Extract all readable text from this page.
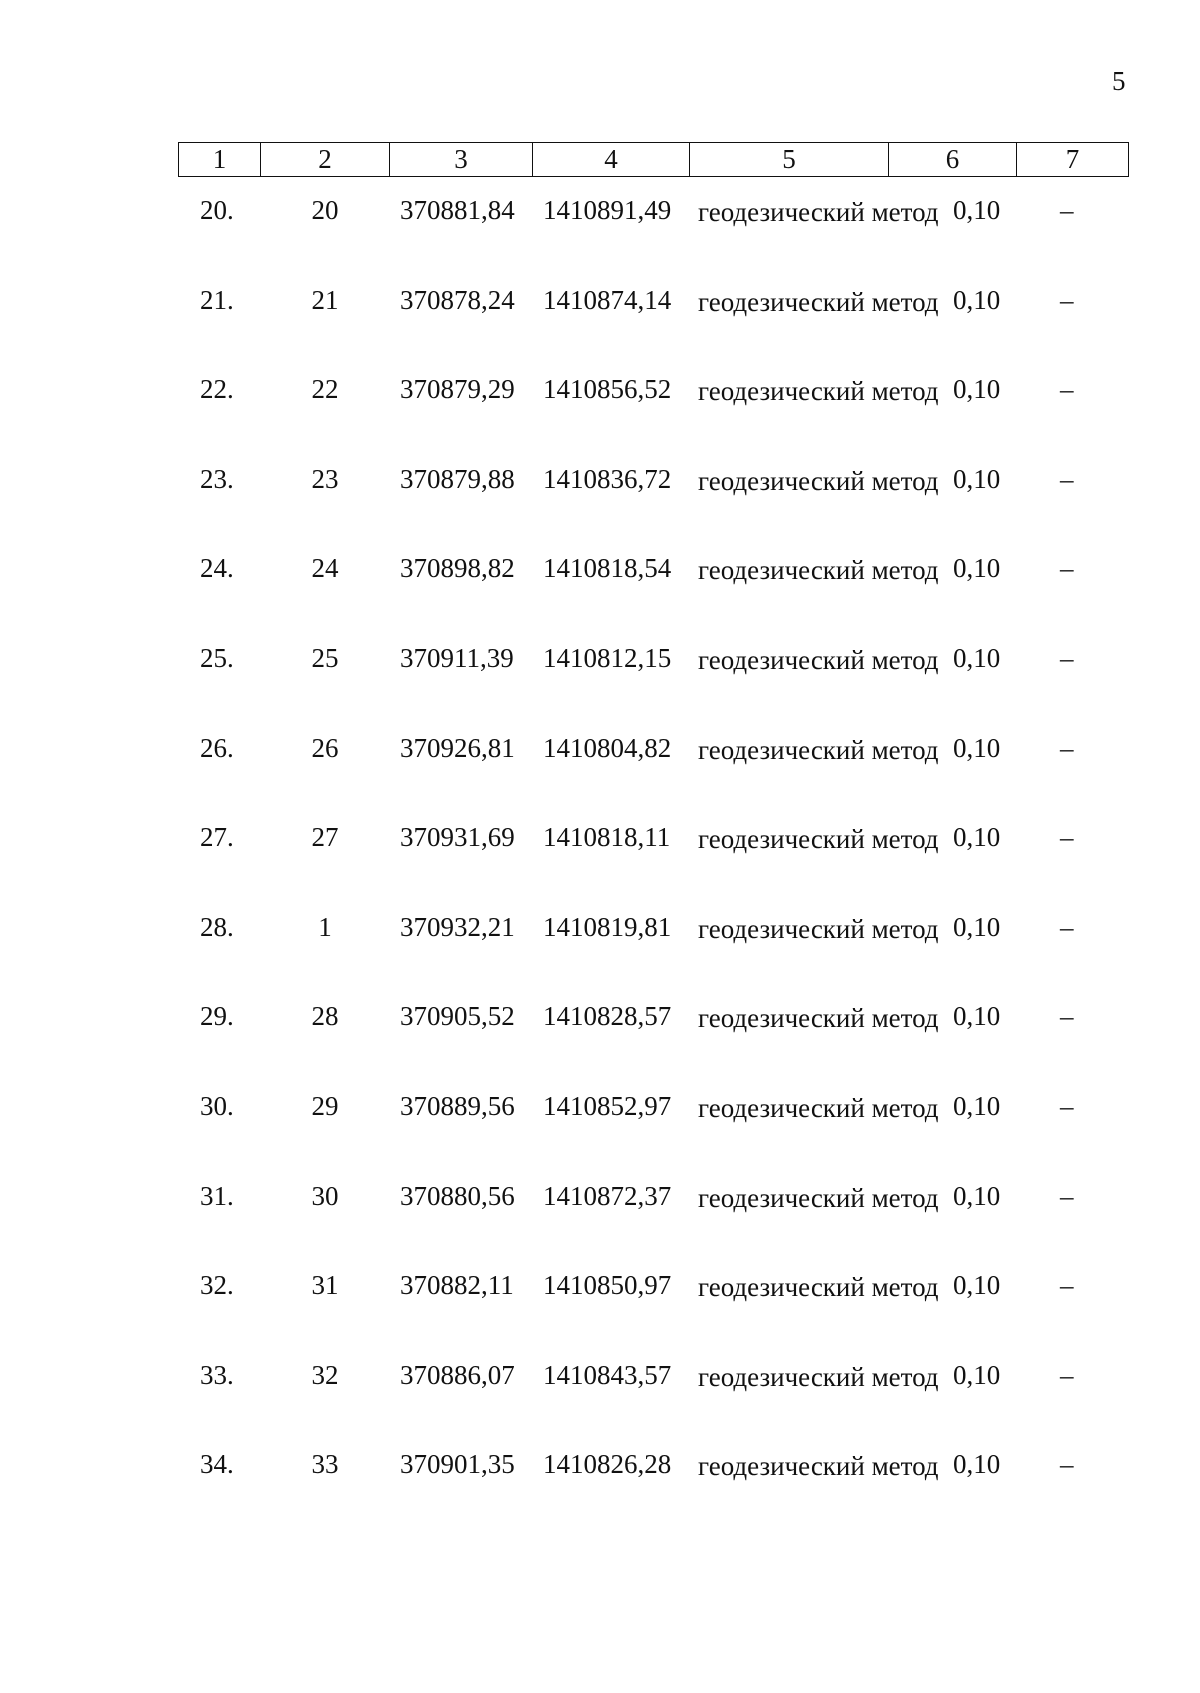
5
1	2	3	4	5	6	7
20.	20	370881,84 1410891,49 геодезический метод 0,10 –
21.	21	370878,24 1410874,14 геодезический метод 0,10 –
22.	22	370879,29 1410856,52 геодезический метод 0,10 –
23.	23	370879,88 1410836,72 геодезический метод 0,10 –
24.	24	370898,82 1410818,54 геодезический метод 0,10 –
25.	25	370911,39 1410812,15 геодезический метод 0,10 –
26.	26	370926,81 1410804,82 геодезический метод 0,10 –
27.	27	370931,69 1410818,11 геодезический метод 0,10 –
28.	1	370932,21 1410819,81 геодезический метод 0,10 –
29.	28	370905,52 1410828,57 геодезический метод 0,10 –
30.	29	370889,56 1410852,97 геодезический метод 0,10 –
31.	30	370880,56 1410872,37 геодезический метод 0,10 –
32.	31	370882,11 1410850,97 геодезический метод 0,10 –
33.	32	370886,07 1410843,57 геодезический метод 0,10 –
34.	33	370901,35 1410826,28 геодезический метод 0,10 –
